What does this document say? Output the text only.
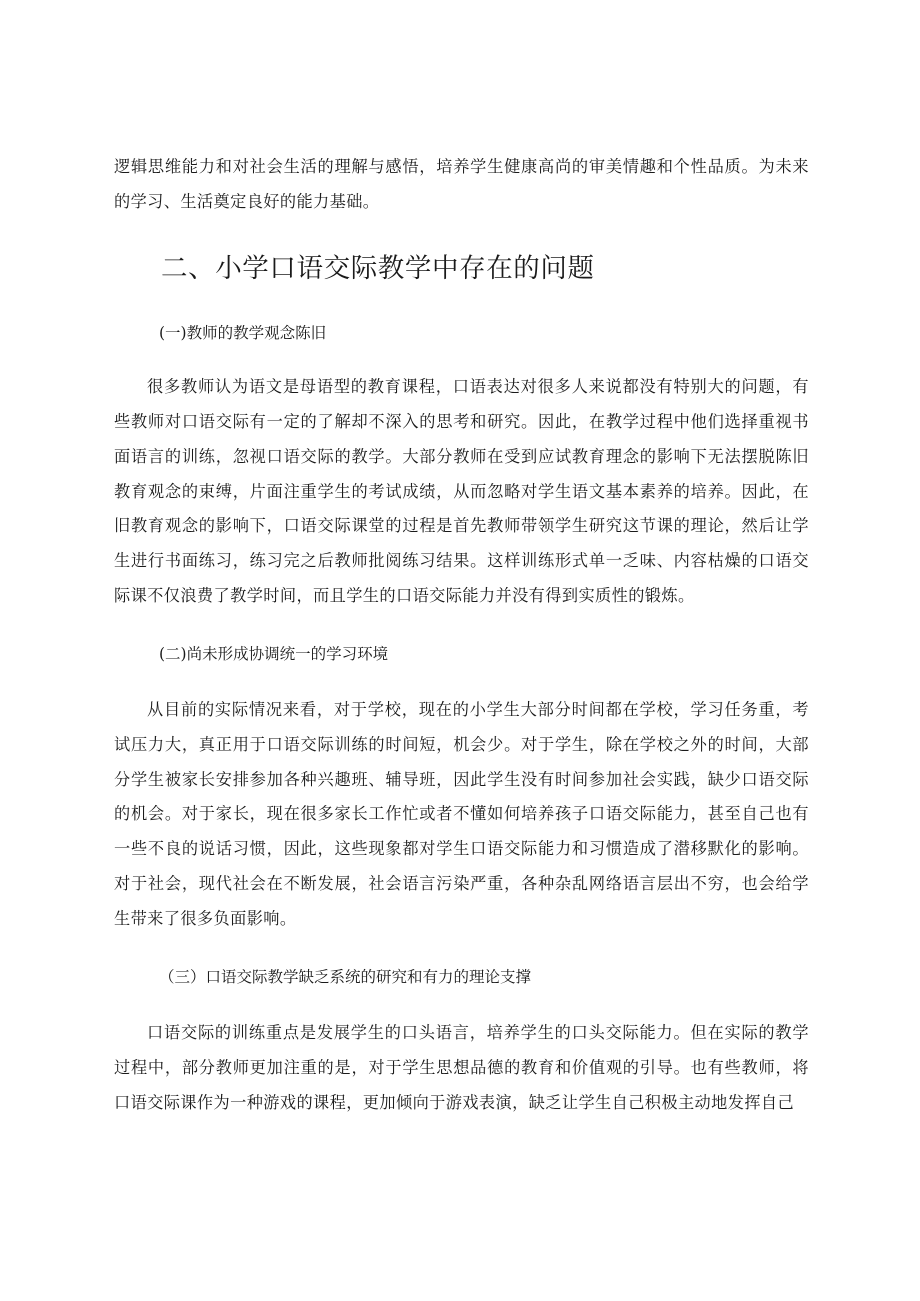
逻辑思维能力和对社会生活的理解与感悟，培养学生健康高尚的审美情趣和个性品质。为未来的学习、生活奠定良好的能力基础。

二、小学口语交际教学中存在的问题
(一)教师的教学观念陈旧

很多教师认为语文是母语型的教育课程，口语表达对很多人来说都没有特别大的问题，有些教师对口语交际有一定的了解却不深入的思考和研究。因此，在教学过程中他们选择重视书面语言的训练，忽视口语交际的教学。大部分教师在受到应试教育理念的影响下无法摆脱陈旧教育观念的束缚，片面注重学生的考试成绩，从而忽略对学生语文基本素养的培养。因此，在旧教育观念的影响下，口语交际课堂的过程是首先教师带领学生研究这节课的理论，然后让学生进行书面练习，练习完之后教师批阅练习结果。这样训练形式单一乏味、内容枯燥的口语交际课不仅浪费了教学时间，而且学生的口语交际能力并没有得到实质性的锻炼。

(二)尚未形成协调统一的学习环境

从目前的实际情况来看，对于学校，现在的小学生大部分时间都在学校，学习任务重，考试压力大，真正用于口语交际训练的时间短，机会少。对于学生，除在学校之外的时间，大部分学生被家长安排参加各种兴趣班、辅导班，因此学生没有时间参加社会实践，缺少口语交际的机会。对于家长，现在很多家长工作忙或者不懂如何培养孩子口语交际能力，甚至自己也有一些不良的说话习惯，因此，这些现象都对学生口语交际能力和习惯造成了潜移默化的影响。对于社会，现代社会在不断发展，社会语言污染严重，各种杂乱网络语言层出不穷，也会给学生带来了很多负面影响。

（三）口语交际教学缺乏系统的研究和有力的理论支撑

口语交际的训练重点是发展学生的口头语言，培养学生的口头交际能力。但在实际的教学过程中，部分教师更加注重的是，对于学生思想品德的教育和价值观的引导。也有些教师，将口语交际课作为一种游戏的课程，更加倾向于游戏表演，缺乏让学生自己积极主动地发挥自己
